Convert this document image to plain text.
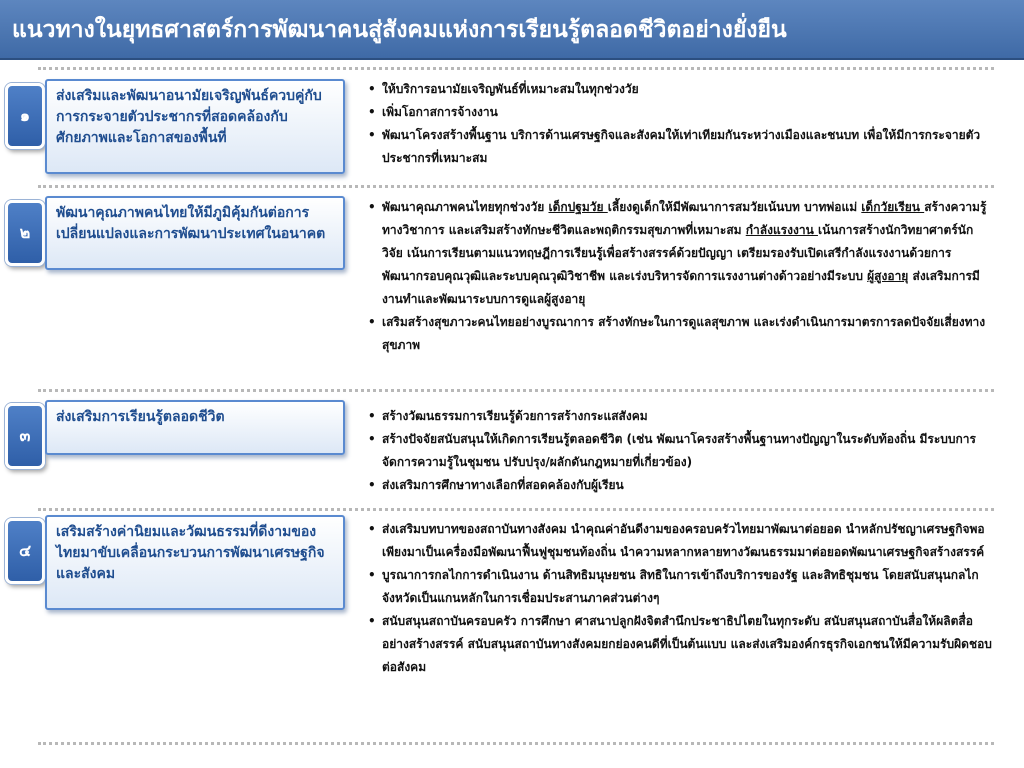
แนวทางในยุทธศาสตร์การพัฒนาคนสู่สังคมแห่งการเรียนรู้ตลอดชีวิตอย่างยั่งยืน
๑
ส่งเสริมและพัฒนาอนามัยเจริญพันธ์ควบคู่กับการกระจายตัวประชากรที่สอดคล้องกับศักยภาพและโอกาสของพื้นที่

• ให้บริการอนามัยเจริญพันธ์ที่เหมาะสมในทุกช่วงวัย

• เพิ่มโอกาสการจ้างงาน

• พัฒนาโครงสร้างพื้นฐาน บริการด้านเศรษฐกิจและสังคมให้เท่าเทียมกันระหว่างเมืองและชนบท เพื่อให้มีการกระจายตัวประชากรที่เหมาะสม

๒
พัฒนาคุณภาพคนไทยให้มีภูมิคุ้มกันต่อการเปลี่ยนแปลงและการพัฒนาประเทศในอนาคต

• พัฒนาคุณภาพคนไทยทุกช่วงวัย เด็กปฐมวัย เลี้ยงดูเด็กให้มีพัฒนาการสมวัยเน้นบท บาทพ่อแม่ เด็กวัยเรียน สร้างความรู้ทางวิชาการ และเสริมสร้างทักษะชีวิตและพฤติกรรมสุขภาพที่เหมาะสม กำลังแรงงาน เน้นการสร้างนักวิทยาศาตร์นักวิจัย เน้นการเรียนตามแนวทฤษฎีการเรียนรู้เพื่อสร้างสรรค์ด้วยปัญญา เตรียมรองรับเปิดเสรีกำลังแรงงานด้วยการพัฒนากรอบคุณวุฒิและระบบคุณวุฒิวิชาชีพ และเร่งบริหารจัดการแรงงานต่างด้าวอย่างมีระบบ ผู้สูงอายุ ส่งเสริมการมีงานทำและพัฒนาระบบการดูแลผู้สูงอายุ

• เสริมสร้างสุขภาวะคนไทยอย่างบูรณาการ สร้างทักษะในการดูแลสุขภาพ และเร่งดำเนินการมาตรการลดปัจจัยเสี่ยงทางสุขภาพ

๓
ส่งเสริมการเรียนรู้ตลอดชีวิต

•	สร้างวัฒนธรรมการเรียนรู้ด้วยการสร้างกระแสสังคม

• สร้างปัจจัยสนับสนุนให้เกิดการเรียนรู้ตลอดชีวิต (เช่น พัฒนาโครงสร้างพื้นฐานทางปัญญาในระดับท้องถิ่น มีระบบการจัดการความรู้ในชุมชน ปรับปรุง/ผลักดันกฎหมายที่เกี่ยวข้อง)

• ส่งเสริมการศึกษาทางเลือกที่สอดคล้องกับผู้เรียน

๔
เสริมสร้างค่านิยมและวัฒนธรรมที่ดีงามของไทยมาขับเคลื่อนกระบวนการพัฒนาเศรษฐกิจและสังคม

• ส่งเสริมบทบาทของสถาบันทางสังคม นำคุณค่าอันดีงามของครอบครัวไทยมาพัฒนาต่อยอด นำหลักปรัชญาเศรษฐกิจพอเพียงมาเป็นเครื่องมือพัฒนาฟื้นฟูชุมชนท้องถิ่น นำความหลากหลายทางวัฒนธรรมมาต่อยอดพัฒนาเศรษฐกิจสร้างสรรค์

• บูรณาการกลไกการดำเนินงาน ด้านสิทธิมนุษยชน สิทธิในการเข้าถึงบริการของรัฐ และสิทธิชุมชน โดยสนับสนุนกลไกจังหวัดเป็นแกนหลักในการเชื่อมประสานภาคส่วนต่างๆ

• สนับสนุนสถาบันครอบครัว การศึกษา ศาสนาปลูกฝังจิตสำนึกประชาธิปไตยในทุกระดับ สนับสนุนสถาบันสื่อให้ผลิตสื่ออย่างสร้างสรรค์ สนับสนุนสถาบันทางสังคมยกย่องคนดีที่เป็นต้นแบบ และส่งเสริมองค์กรธุรกิจเอกชนให้มีความรับผิดชอบต่อสังคม
